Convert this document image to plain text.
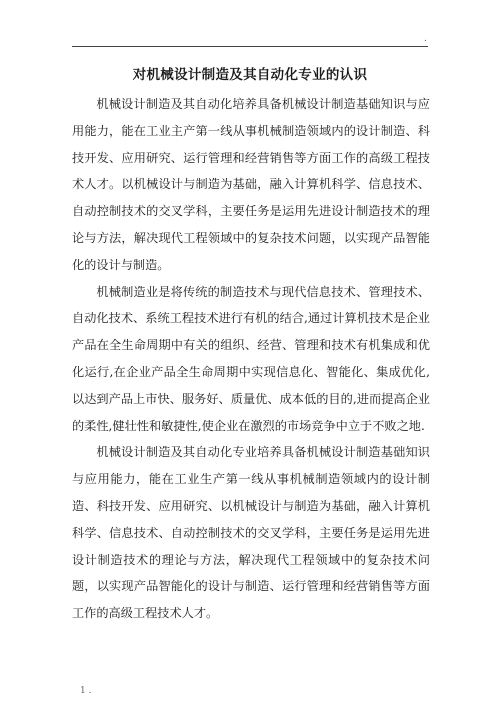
.
对机械设计制造及其自动化专业的认识

机械设计制造及其自动化培养具备机械设计制造基础知识与应用能力，能在工业主产第一线从事机械制造领域内的设计制造、科技开发、应用研究、运行管理和经营销售等方面工作的高级工程技术人才。以机械设计与制造为基础，融入计算机科学、信息技术、自动控制技术的交叉学科，主要任务是运用先进设计制造技术的理论与方法，解决现代工程领域中的复杂技术问题，以实现产品智能化的设计与制造。

机械制造业是将传统的制造技术与现代信息技术、管理技术、自动化技术、系统工程技术进行有机的结合,通过计算机技术是企业产品在全生命周期中有关的组织、经营、管理和技术有机集成和优化运行,在企业产品全生命周期中实现信息化、智能化、集成优化,以达到产品上市快、服务好、质量优、成本低的目的,进而提高企业的柔性,健壮性和敏捷性,使企业在激烈的市场竞争中立于不败之地.

机械设计制造及其自动化专业培养具备机械设计制造基础知识与应用能力，能在工业生产第一线从事机械制造领域内的设计制造、科技开发、应用研究、以机械设计与制造为基础，融入计算机科学、信息技术、自动控制技术的交叉学科，主要任务是运用先进设计制造技术的理论与方法，解决现代工程领域中的复杂技术问题，以实现产品智能化的设计与制造、运行管理和经营销售等方面工作的高级工程技术人才。

1 .
